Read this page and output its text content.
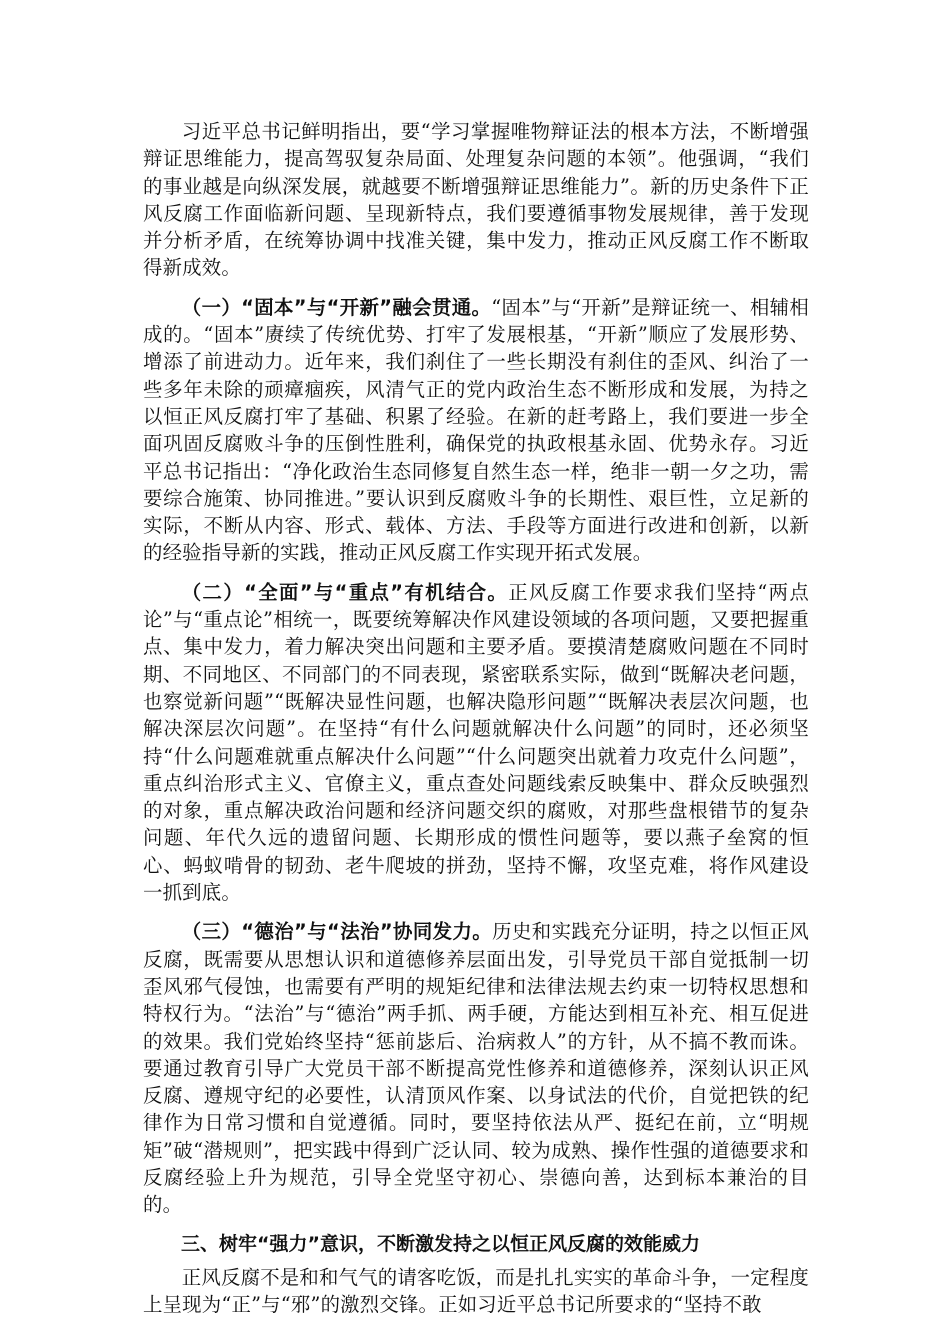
习近平总书记鲜明指出，要“学习掌握唯物辩证法的根本方法，不断增强辩证思维能力，提高驾驭复杂局面、处理复杂问题的本领”。他强调，“我们的事业越是向纵深发展，就越要不断增强辩证思维能力”。新的历史条件下正风反腐工作面临新问题、呈现新特点，我们要遵循事物发展规律，善于发现并分析矛盾，在统筹协调中找准关键，集中发力，推动正风反腐工作不断取得新成效。

（一）“固本”与“开新”融会贯通。“固本”与“开新”是辩证统一、相辅相成的。“固本”赓续了传统优势、打牢了发展根基，“开新”顺应了发展形势、增添了前进动力。近年来，我们刹住了一些长期没有刹住的歪风、纠治了一些多年未除的顽瘴痼疾，风清气正的党内政治生态不断形成和发展，为持之以恒正风反腐打牢了基础、积累了经验。在新的赶考路上，我们要进一步全面巩固反腐败斗争的压倒性胜利，确保党的执政根基永固、优势永存。习近平总书记指出：“净化政治生态同修复自然生态一样，绝非一朝一夕之功，需要综合施策、协同推进。”要认识到反腐败斗争的长期性、艰巨性，立足新的实际，不断从内容、形式、载体、方法、手段等方面进行改进和创新，以新的经验指导新的实践，推动正风反腐工作实现开拓式发展。

（二）“全面”与“重点”有机结合。正风反腐工作要求我们坚持“两点论”与“重点论”相统一，既要统筹解决作风建设领域的各项问题，又要把握重点、集中发力，着力解决突出问题和主要矛盾。要摸清楚腐败问题在不同时期、不同地区、不同部门的不同表现，紧密联系实际，做到“既解决老问题，也察觉新问题”“既解决显性问题，也解决隐形问题”“既解决表层次问题，也解决深层次问题”。在坚持“有什么问题就解决什么问题”的同时，还必须坚持“什么问题难就重点解决什么问题”“什么问题突出就着力攻克什么问题”，重点纠治形式主义、官僚主义，重点查处问题线索反映集中、群众反映强烈的对象，重点解决政治问题和经济问题交织的腐败，对那些盘根错节的复杂问题、年代久远的遗留问题、长期形成的惯性问题等，要以燕子垒窝的恒心、蚂蚁啃骨的韧劲、老牛爬坡的拼劲，坚持不懈，攻坚克难，将作风建设一抓到底。

（三）“德治”与“法治”协同发力。历史和实践充分证明，持之以恒正风反腐，既需要从思想认识和道德修养层面出发，引导党员干部自觉抵制一切歪风邪气侵蚀，也需要有严明的规矩纪律和法律法规去约束一切特权思想和特权行为。“法治”与“德治”两手抓、两手硬，方能达到相互补充、相互促进的效果。我们党始终坚持“惩前毖后、治病救人”的方针，从不搞不教而诛。要通过教育引导广大党员干部不断提高党性修养和道德修养，深刻认识正风反腐、遵规守纪的必要性，认清顶风作案、以身试法的代价，自觉把铁的纪律作为日常习惯和自觉遵循。同时，要坚持依法从严、挺纪在前，立“明规矩”破“潜规则”，把实践中得到广泛认同、较为成熟、操作性强的道德要求和反腐经验上升为规范，引导全党坚守初心、崇德向善，达到标本兼治的目的。

三、树牢“强力”意识，不断激发持之以恒正风反腐的效能威力

正风反腐不是和和气气的请客吃饭，而是扎扎实实的革命斗争，一定程度上呈现为“正”与“邪”的激烈交锋。正如习近平总书记所要求的“坚持不敢
